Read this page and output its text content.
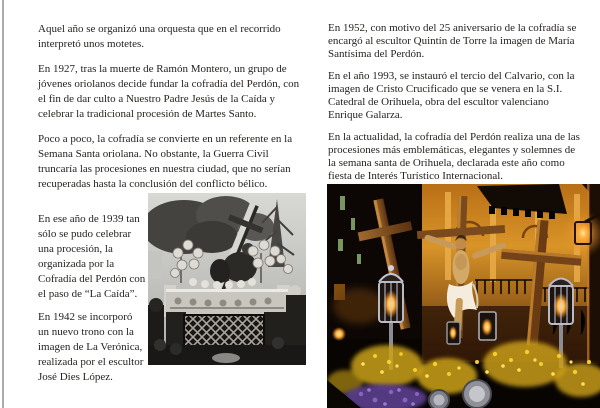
Aquel año se organizó una orquesta que en el recorrido interpretó unos motetes.

En 1927, tras la muerte de Ramón Montero, un grupo de jóvenes oriolanos decide fundar la cofradía del Perdón, con el fin de dar culto a Nuestro Padre Jesús de la Caída y celebrar la tradicional procesión de Martes Santo.

Poco a poco, la cofradía se convierte en un referente en la Semana Santa oriolana. No obstante, la Guerra Civil truncaría las procesiones en nuestra ciudad, que no serían recuperadas hasta la conclusión del conflicto bélico.

En ese año de 1939 tan sólo se pudo celebrar una procesión, la organizada por la Cofradía del Perdón con el paso de “La Caída”.

En 1942 se incorporó un nuevo trono con la imagen de La Verónica, realizada por el escultor José Dies López.

En 1952, con motivo del 25 aniversario de la cofradía se encargó al escultor Quintín de Torre la imagen de María Santísima del Perdón.

En el año 1993, se instauró el tercio del Calvario, con la imagen de Cristo Crucificado que se venera en la S.I. Catedral de Orihuela, obra del escultor valenciano Enrique Galarza.

En la actualidad, la cofradía del Perdón realiza una de las procesiones más emblemáticas, elegantes y solemnes de la semana santa de Orihuela, declarada este año como fiesta de Interés Turístico Internacional.
